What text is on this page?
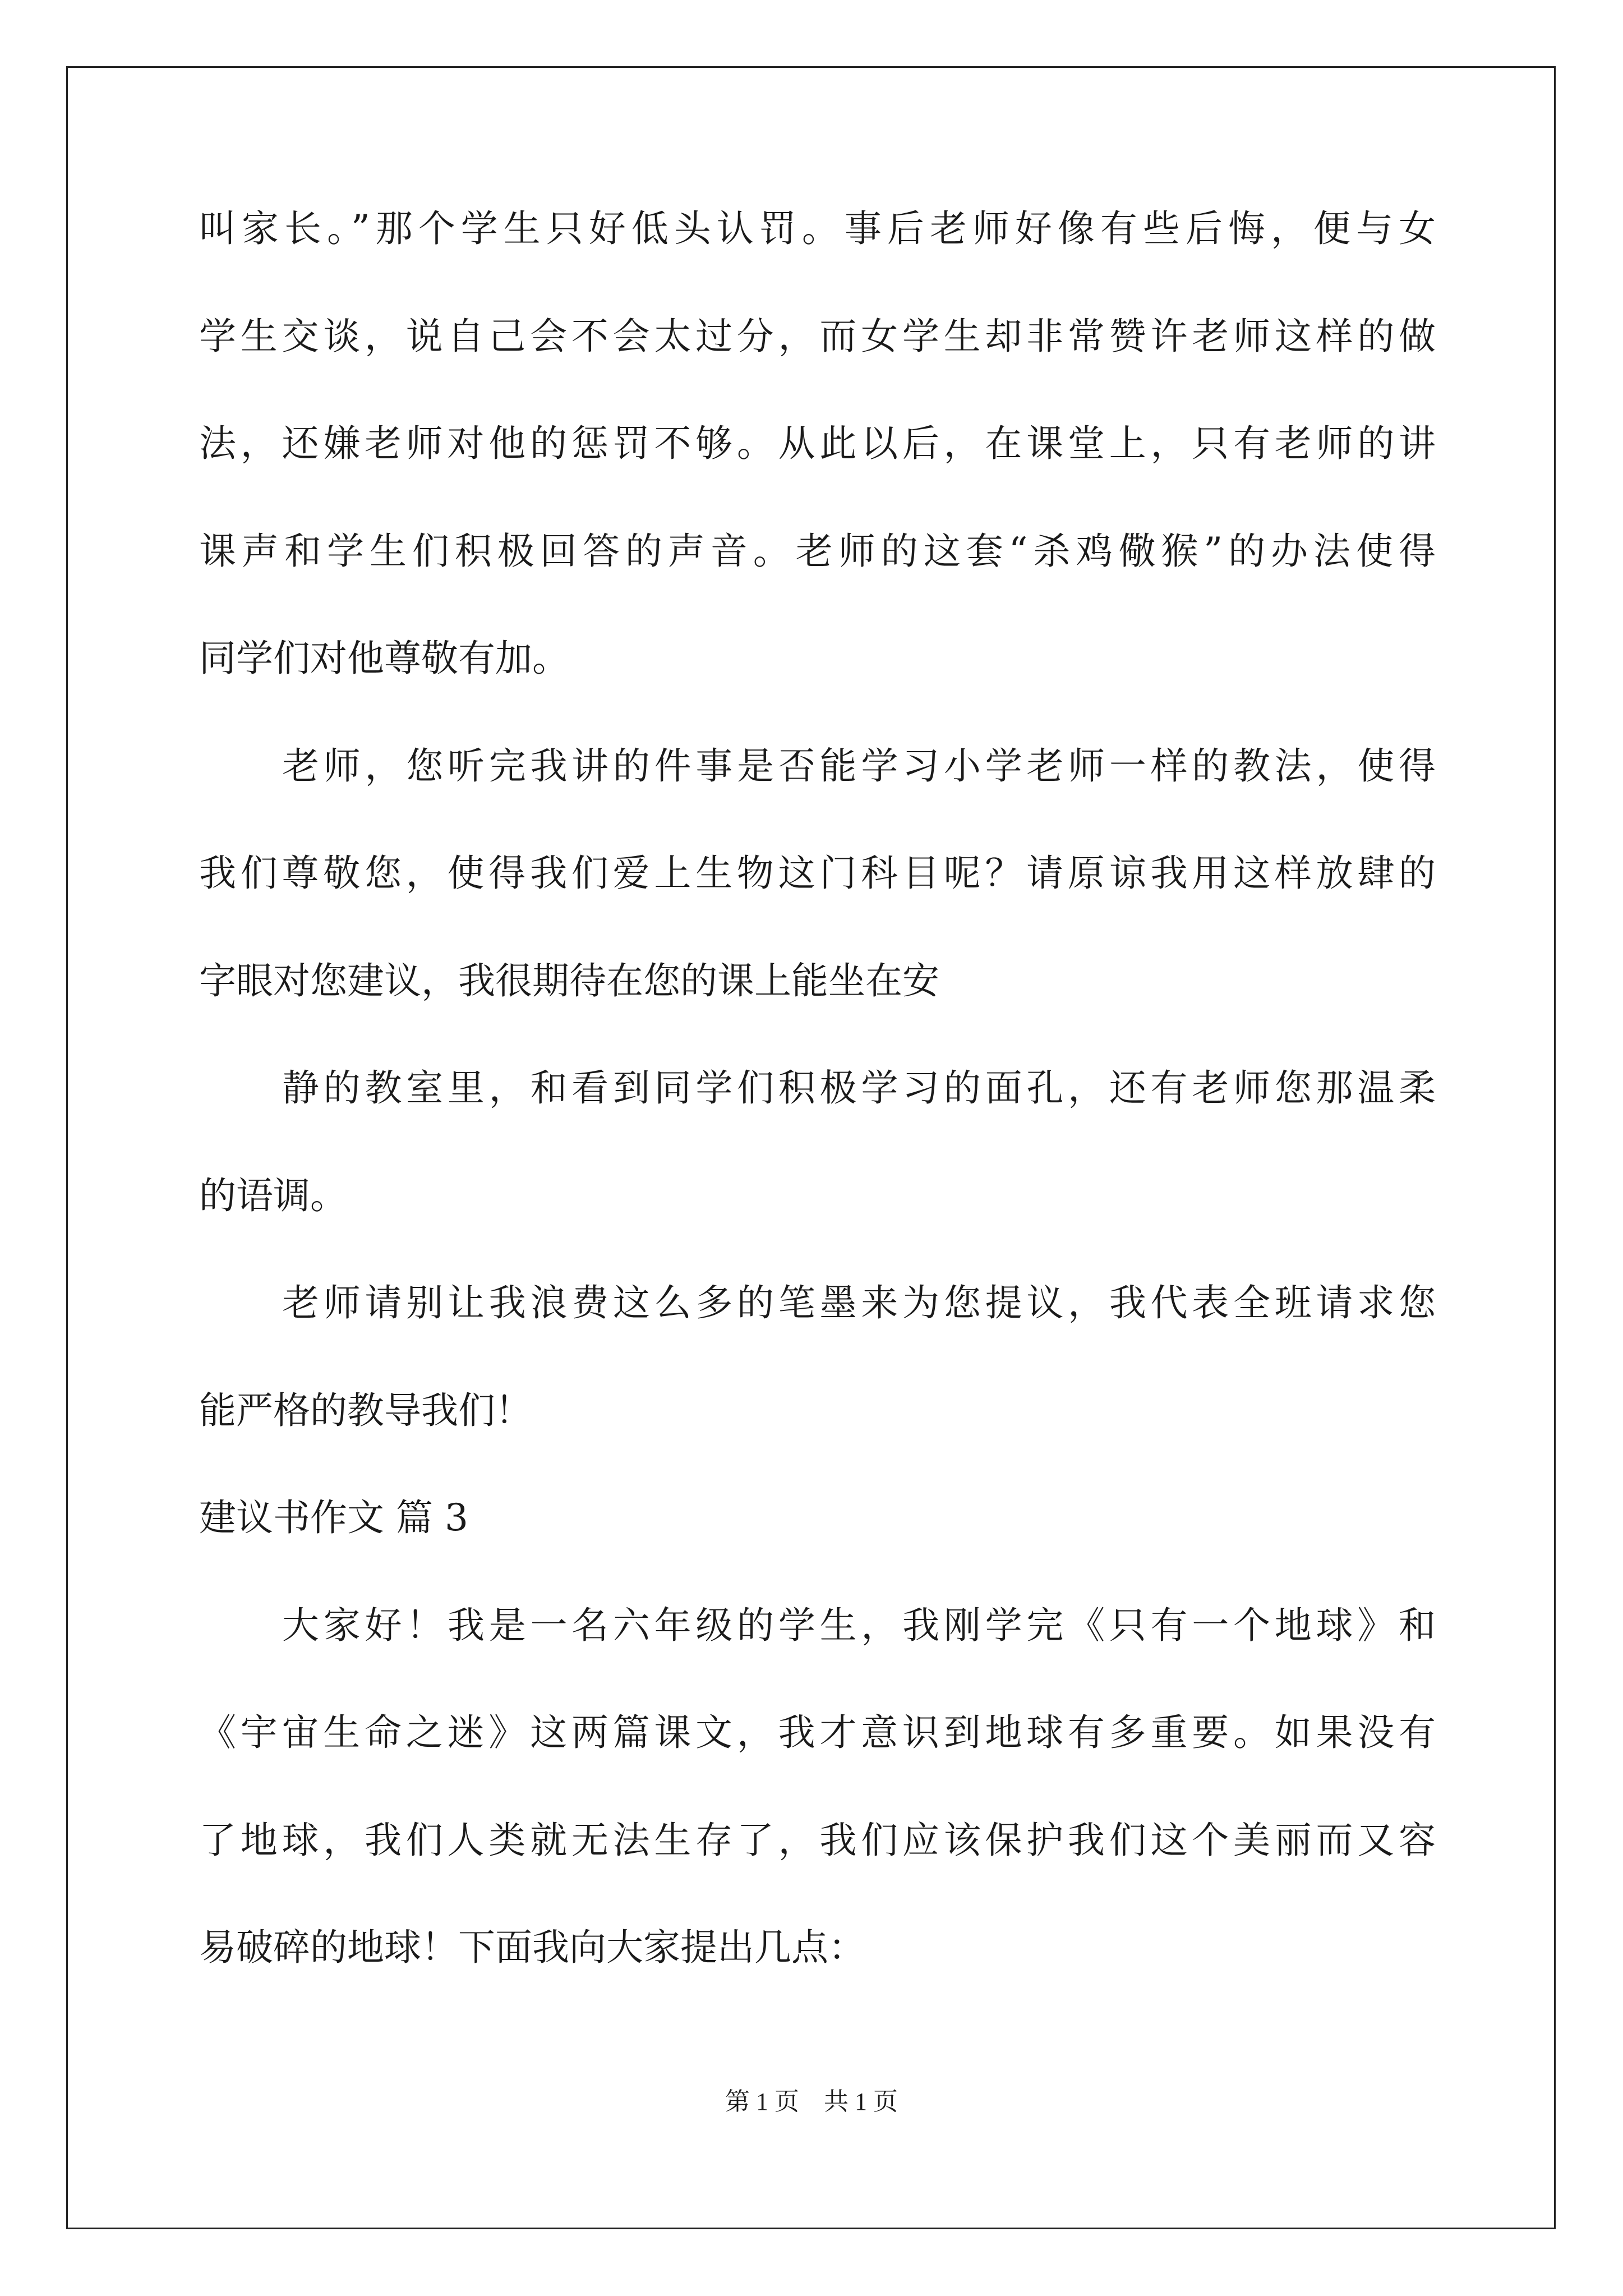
叫家长。”那个学生只好低头认罚。事后老师好像有些后悔，便与女
学生交谈，说自己会不会太过分，而女学生却非常赞许老师这样的做
法，还嫌老师对他的惩罚不够。从此以后，在课堂上，只有老师的讲
课声和学生们积极回答的声音。老师的这套“杀鸡儆猴”的办法使得
同学们对他尊敬有加。
老师，您听完我讲的件事是否能学习小学老师一样的教法，使得
我们尊敬您，使得我们爱上生物这门科目呢？请原谅我用这样放肆的
字眼对您建议，我很期待在您的课上能坐在安
静的教室里，和看到同学们积极学习的面孔，还有老师您那温柔
的语调。
老师请别让我浪费这么多的笔墨来为您提议，我代表全班请求您
能严格的教导我们！
建议书作文 篇 3
大家好！我是一名六年级的学生，我刚学完《只有一个地球》和
《宇宙生命之迷》这两篇课文，我才意识到地球有多重要。如果没有
了地球，我们人类就无法生存了，我们应该保护我们这个美丽而又容
易破碎的地球！下面我向大家提出几点：
第 1 页　共 1 页
